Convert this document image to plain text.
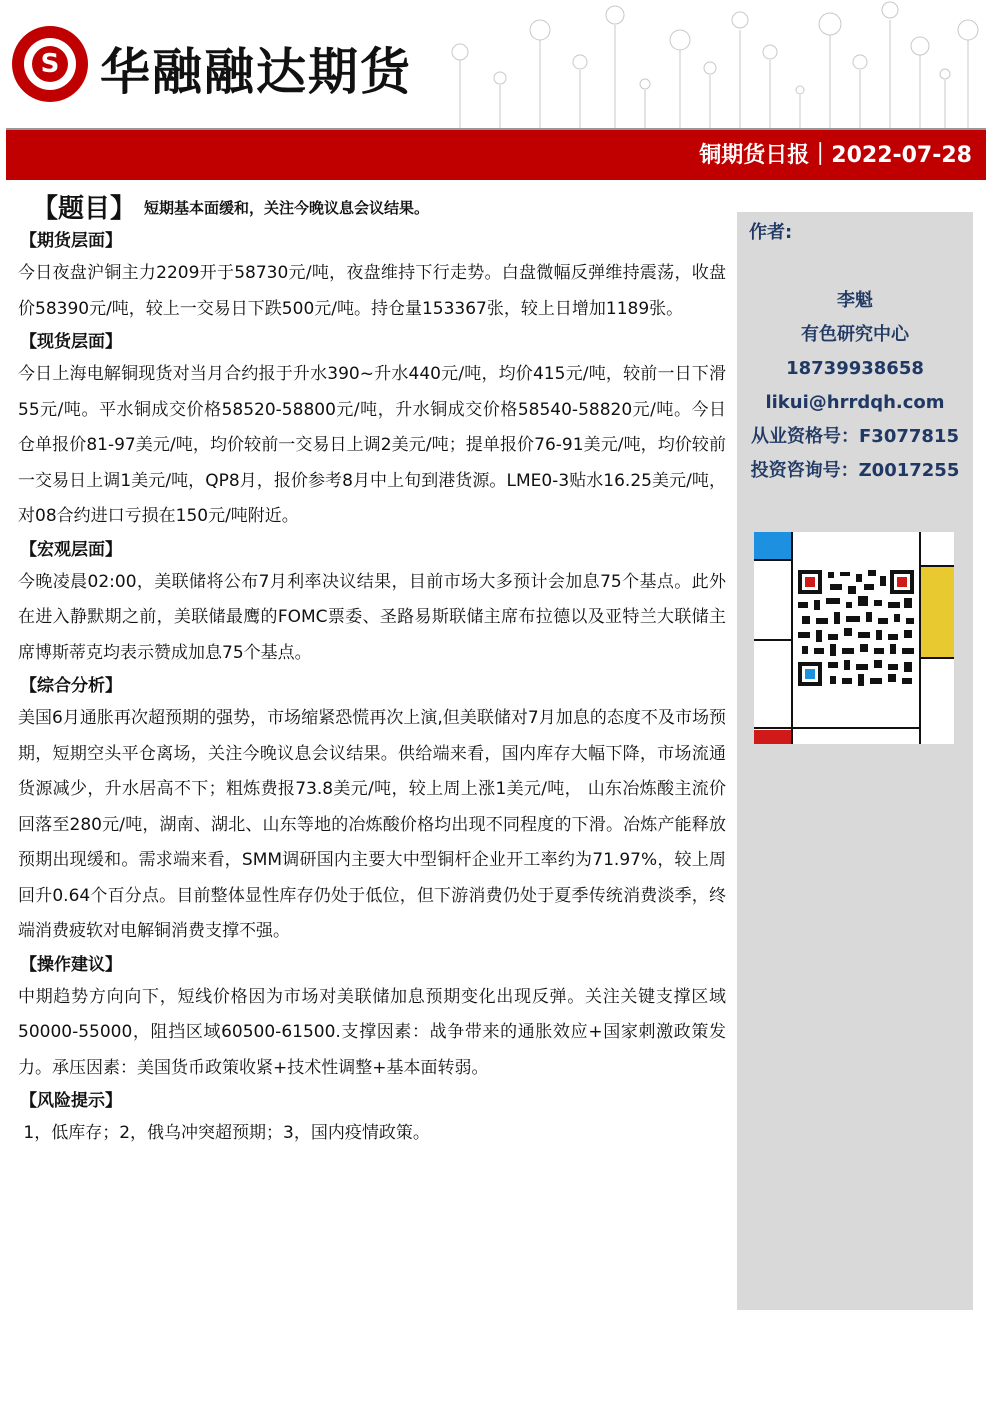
S 华融融达期货
铜期货日报｜2022-07-28
【题目】 短期基本面缓和，关注今晚议息会议结果。
【期货层面】

今日夜盘沪铜主力2209开于58730元/吨，夜盘维持下行走势。白盘微幅反弹维持震荡，收盘价58390元/吨，较上一交易日下跌500元/吨。持仓量153367张，较上日增加1189张。

【现货层面】

今日上海电解铜现货对当月合约报于升水390~升水440元/吨，均价415元/吨，较前一日下滑55元/吨。平水铜成交价格58520-58800元/吨，升水铜成交价格58540-58820元/吨。今日仓单报价81-97美元/吨，均价较前一交易日上调2美元/吨；提单报价76-91美元/吨，均价较前一交易日上调1美元/吨，QP8月，报价参考8月中上旬到港货源。LME0-3贴水16.25美元/吨，对08合约进口亏损在150元/吨附近。

【宏观层面】

今晚凌晨02:00，美联储将公布7月利率决议结果，目前市场大多预计会加息75个基点。此外在进入静默期之前，美联储最鹰的FOMC票委、圣路易斯联储主席布拉德以及亚特兰大联储主席博斯蒂克均表示赞成加息75个基点。

【综合分析】

美国6月通胀再次超预期的强势，市场缩紧恐慌再次上演,但美联储对7月加息的态度不及市场预期，短期空头平仓离场，关注今晚议息会议结果。供给端来看，国内库存大幅下降，市场流通货源减少，升水居高不下；粗炼费报73.8美元/吨，较上周上涨1美元/吨， 山东冶炼酸主流价回落至280元/吨，湖南、湖北、山东等地的冶炼酸价格均出现不同程度的下滑。冶炼产能释放预期出现缓和。需求端来看，SMM调研国内主要大中型铜杆企业开工率约为71.97%，较上周回升0.64个百分点。目前整体显性库存仍处于低位，但下游消费仍处于夏季传统消费淡季，终端消费疲软对电解铜消费支撑不强。

【操作建议】

中期趋势方向向下，短线价格因为市场对美联储加息预期变化出现反弹。关注关键支撑区域50000-55000，阻挡区域60500-61500.支撑因素：战争带来的通胀效应+国家刺激政策发力。承压因素：美国货币政策收紧+技术性调整+基本面转弱。

【风险提示】

1，低库存；2，俄乌冲突超预期；3，国内疫情政策。

作者:
李魁
有色研究中心
18739938658
likui@hrrdqh.com
从业资格号：F3077815
投资咨询号：Z0017255
